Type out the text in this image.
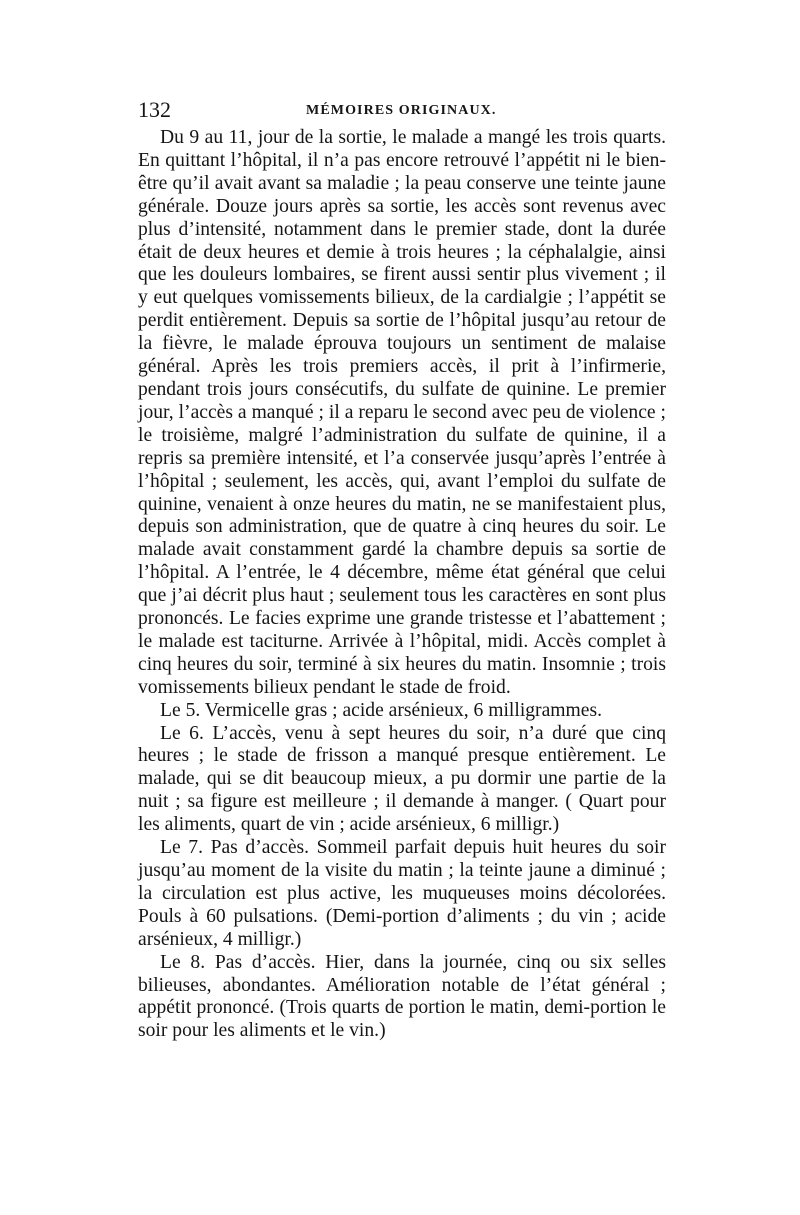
132	MÉMOIRES ORIGINAUX.

Du 9 au 11, jour de la sortie, le malade a mangé les trois quarts. En quittant l’hôpital, il n’a pas encore retrouvé l’appétit ni le bien-être qu’il avait avant sa maladie ; la peau conserve une teinte jaune générale. Douze jours après sa sortie, les accès sont revenus avec plus d’intensité, notamment dans le premier stade, dont la durée était de deux heures et demie à trois heures ; la céphalalgie, ainsi que les douleurs lombaires, se firent aussi sentir plus vivement ; il y eut quelques vomissements bilieux, de la cardialgie ; l’appétit se perdit entièrement. Depuis sa sortie de l’hôpital jusqu’au retour de la fièvre, le malade éprouva toujours un sentiment de malaise général. Après les trois premiers accès, il prit à l’infirmerie, pendant trois jours consécutifs, du sulfate de quinine. Le premier jour, l’accès a manqué ; il a reparu le second avec peu de violence ; le troisième, malgré l’administration du sulfate de quinine, il a repris sa première intensité, et l’a conservée jusqu’après l’entrée à l’hôpital ; seulement, les accès, qui, avant l’emploi du sulfate de quinine, venaient à onze heures du matin, ne se manifestaient plus, depuis son administration, que de quatre à cinq heures du soir. Le malade avait constamment gardé la chambre depuis sa sortie de l’hôpital. A l’entrée, le 4 décembre, même état général que celui que j’ai décrit plus haut ; seulement tous les caractères en sont plus prononcés. Le facies exprime une grande tristesse et l’abattement ; le malade est taciturne. Arrivée à l’hôpital, midi. Accès complet à cinq heures du soir, terminé à six heures du matin. Insomnie ; trois vomissements bilieux pendant le stade de froid.

Le 5. Vermicelle gras ; acide arsénieux, 6 milligrammes.

Le 6. L’accès, venu à sept heures du soir, n’a duré que cinq heures ; le stade de frisson a manqué presque entièrement. Le malade, qui se dit beaucoup mieux, a pu dormir une partie de la nuit ; sa figure est meilleure ; il demande à manger. ( Quart pour les aliments, quart de vin ; acide arsénieux, 6 milligr.)

Le 7. Pas d’accès. Sommeil parfait depuis huit heures du soir jusqu’au moment de la visite du matin ; la teinte jaune a diminué ; la circulation est plus active, les muqueuses moins décolorées. Pouls à 60 pulsations. (Demi-portion d’aliments ; du vin ; acide arsénieux, 4 milligr.)

Le 8. Pas d’accès. Hier, dans la journée, cinq ou six selles bilieuses, abondantes. Amélioration notable de l’état général ; appétit prononcé. (Trois quarts de portion le matin, demi-portion le soir pour les aliments et le vin.)
